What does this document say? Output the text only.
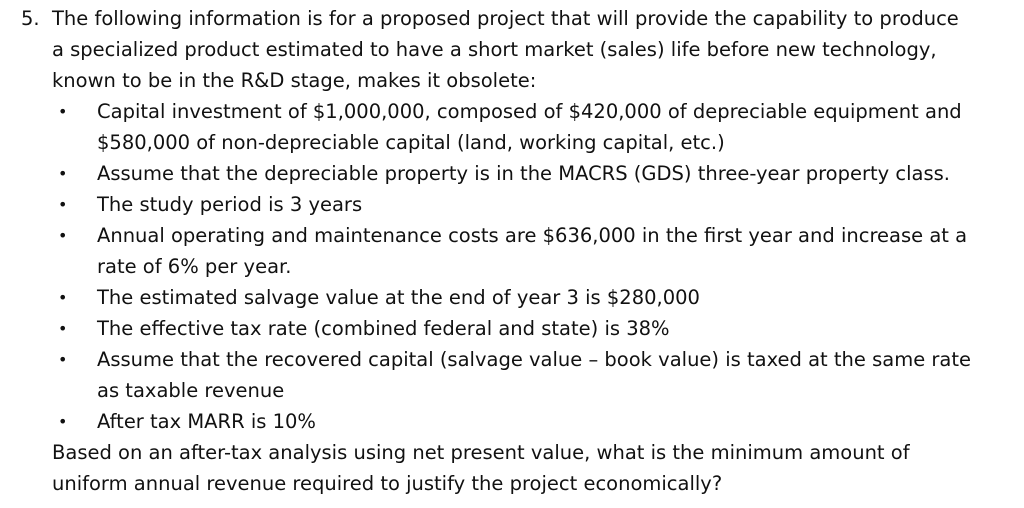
5. The following information is for a proposed project that will provide the capability to produce
a specialized product estimated to have a short market (sales) life before new technology,
known to be in the R&D stage, makes it obsolete:
• Capital investment of $1,000,000, composed of $420,000 of depreciable equipment and
$580,000 of non-depreciable capital (land, working capital, etc.)
• Assume that the depreciable property is in the MACRS (GDS) three-year property class.
• The study period is 3 years
• Annual operating and maintenance costs are $636,000 in the first year and increase at a
rate of 6% per year.
• The estimated salvage value at the end of year 3 is $280,000
• The effective tax rate (combined federal and state) is 38%
• Assume that the recovered capital (salvage value – book value) is taxed at the same rate
as taxable revenue
• After tax MARR is 10%
Based on an after-tax analysis using net present value, what is the minimum amount of
uniform annual revenue required to justify the project economically?
